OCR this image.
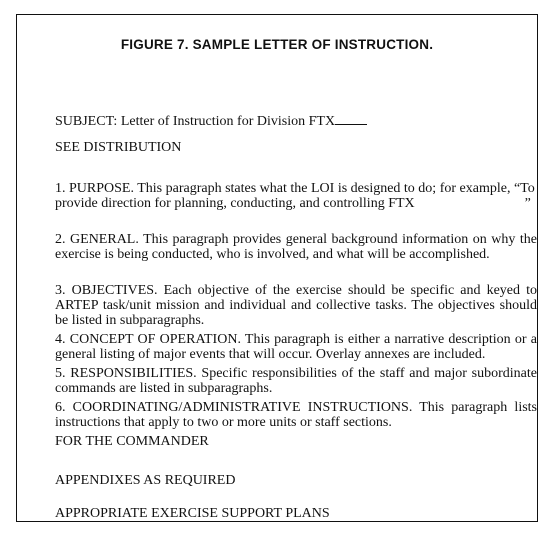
FIGURE 7. SAMPLE LETTER OF INSTRUCTION.

SUBJECT: Letter of Instruction for Division FTX

SEE DISTRIBUTION

1. PURPOSE. This paragraph states what the LOI is designed to do; for example, “To provide direction for planning, conducting, and controlling FTX	”

2. GENERAL. This paragraph provides general background information on why the exercise is being conducted, who is involved, and what will be accomplished.

3. OBJECTIVES. Each objective of the exercise should be specific and keyed to ARTEP task/unit mission and individual and collective tasks. The objectives should be listed in subparagraphs.

4. CONCEPT OF OPERATION. This paragraph is either a narrative description or a general listing of major events that will occur. Overlay annexes are included.

5. RESPONSIBILITIES. Specific responsibilities of the staff and major subordinate commands are listed in subparagraphs.

6. COORDINATING/ADMINISTRATIVE INSTRUCTIONS. This paragraph lists instructions that apply to two or more units or staff sections.

FOR THE COMMANDER

APPENDIXES AS REQUIRED

APPROPRIATE EXERCISE SUPPORT PLANS
